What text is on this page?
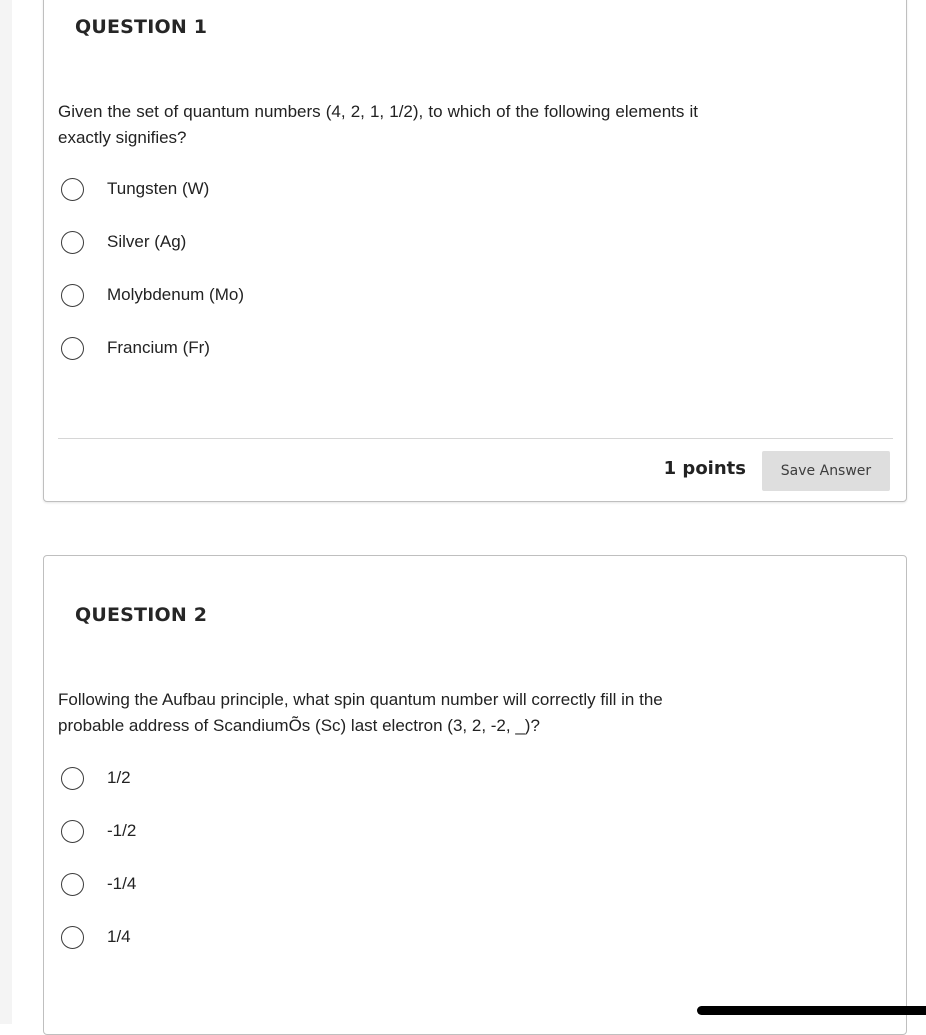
QUESTION 1
Given the set of quantum numbers (4, 2, 1, 1/2), to which of the following elements it exactly signifies?
Tungsten (W)
Silver (Ag)
Molybdenum (Mo)
Francium (Fr)
1 points	Save Answer
QUESTION 2
Following the Aufbau principle, what spin quantum number will correctly fill in the probable address of ScandiumÕs (Sc) last electron (3, 2, -2, _)?
1/2
-1/2
-1/4
1/4
